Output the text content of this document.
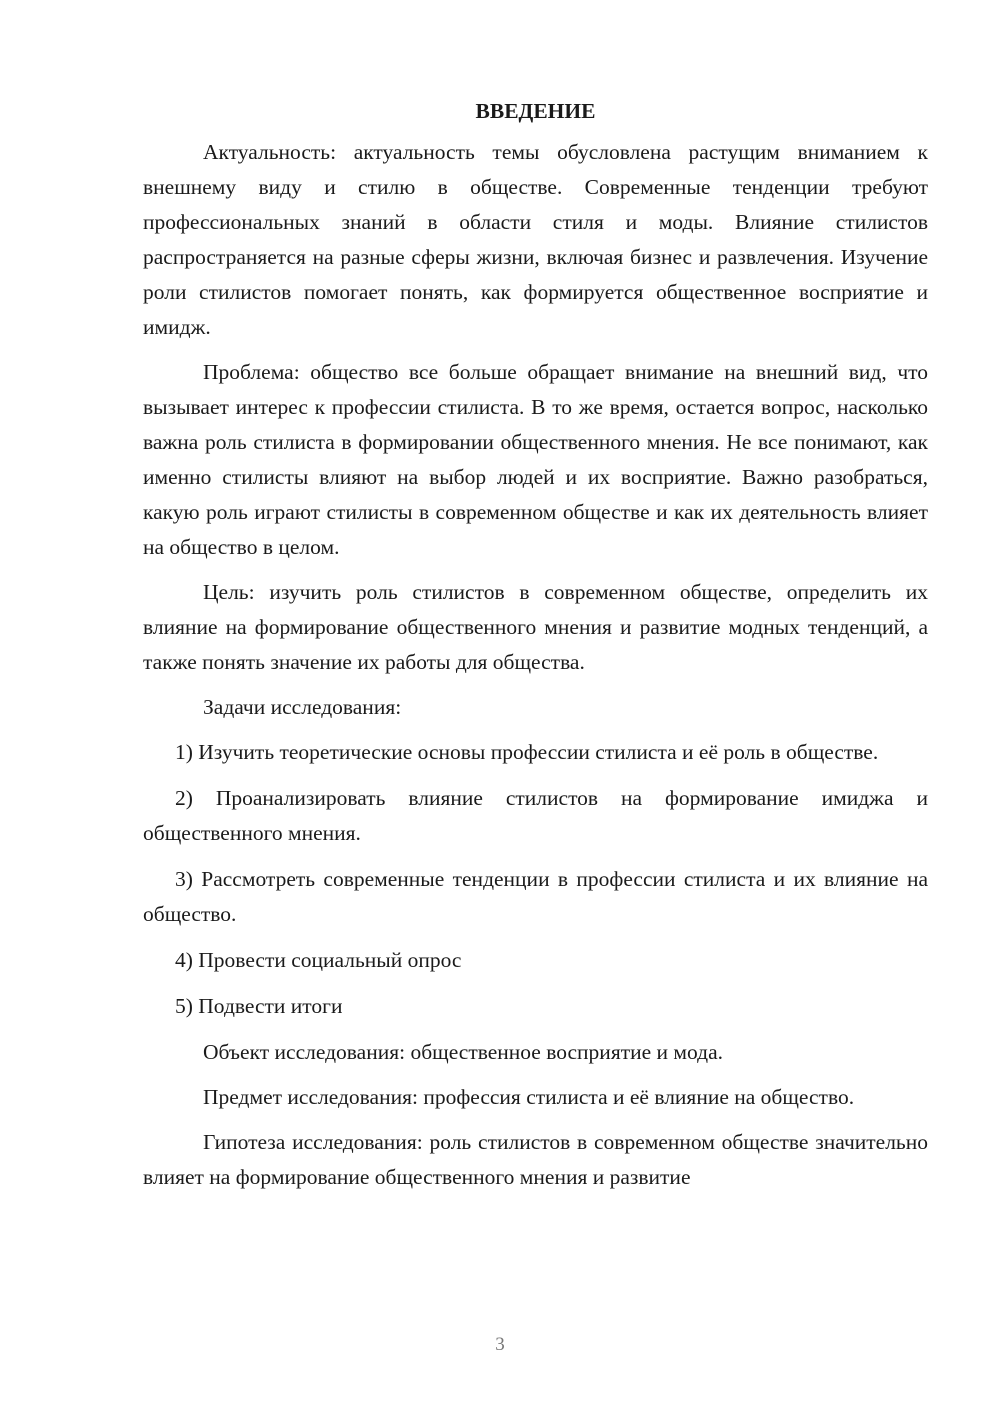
ВВЕДЕНИЕ

Актуальность: актуальность темы обусловлена растущим вниманием к внешнему виду и стилю в обществе. Современные тенденции требуют профессиональных знаний в области стиля и моды. Влияние стилистов распространяется на разные сферы жизни, включая бизнес и развлечения. Изучение роли стилистов помогает понять, как формируется общественное восприятие и имидж.

Проблема: общество все больше обращает внимание на внешний вид, что вызывает интерес к профессии стилиста. В то же время, остается вопрос, насколько важна роль стилиста в формировании общественного мнения. Не все понимают, как именно стилисты влияют на выбор людей и их восприятие. Важно разобраться, какую роль играют стилисты в современном обществе и как их деятельность влияет на общество в целом.

Цель: изучить роль стилистов в современном обществе, определить их влияние на формирование общественного мнения и развитие модных тенденций, а также понять значение их работы для общества.

Задачи исследования:

1) Изучить теоретические основы профессии стилиста и её роль в обществе.

2) Проанализировать влияние стилистов на формирование имиджа и общественного мнения.

3) Рассмотреть современные тенденции в профессии стилиста и их влияние на общество.

4) Провести социальный опрос

5) Подвести итоги

Объект исследования: общественное восприятие и мода.

Предмет исследования: профессия стилиста и её влияние на общество.

Гипотеза исследования: роль стилистов в современном обществе значительно влияет на формирование общественного мнения и развитие

3
